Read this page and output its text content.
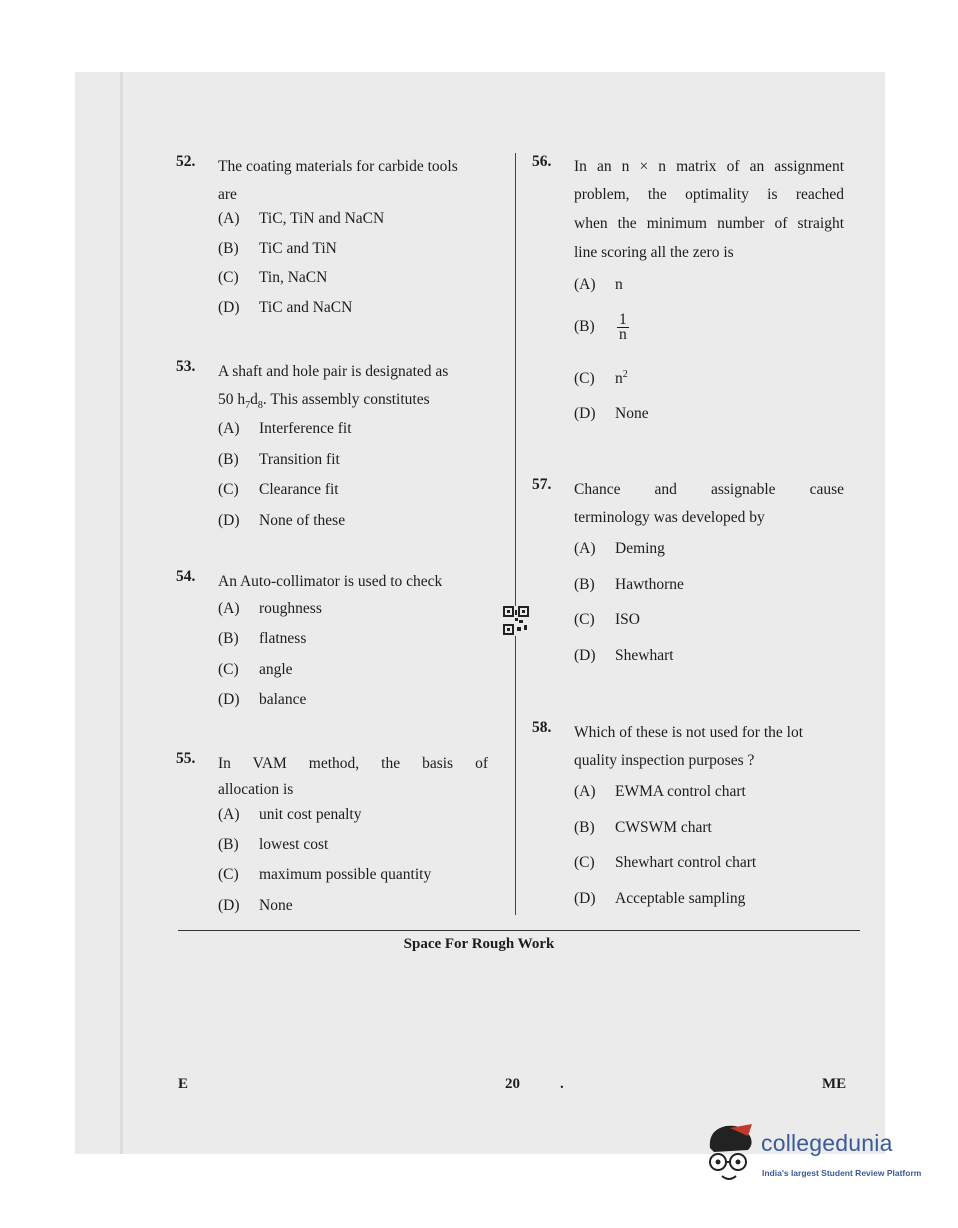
52. The coating materials for carbide tools
are
(A) TiC, TiN and NaCN
(B) TiC and TiN
(C) Tin, NaCN
(D) TiC and NaCN
53. A shaft and hole pair is designated as
50 $h_7d_8$. This assembly constitutes
(A) Interference fit
(B) Transition fit
(C) Clearance fit
(D) None of these
54. An Auto-collimator is used to check
(A) roughness
(B) flatness
(C) angle
(D) balance
55. In VAM method, the basis of
allocation is
(A) unit cost penalty
(B) lowest cost
(C) maximum possible quantity
(D) None
56. In an n × n matrix of an assignment
problem, the optimality is reached
when the minimum number of straight
line scoring all the zero is
(A) n
$(B) \frac{1}{n}$
(C) $n^2$
(D) None
57. Chance and assignable cause
terminology was developed by
(A) Deming
(B) Hawthorne
(C) ISO
(D) Shewhart
58. Which of these is not used for the lot
quality inspection purposes ?
(A) EWMA control chart
(B) CWSWM chart
(C) Shewhart control chart
(D) Acceptable sampling
Space For Rough Work
E	20	.	ME
collegedunia
India's largest Student Review Platform
